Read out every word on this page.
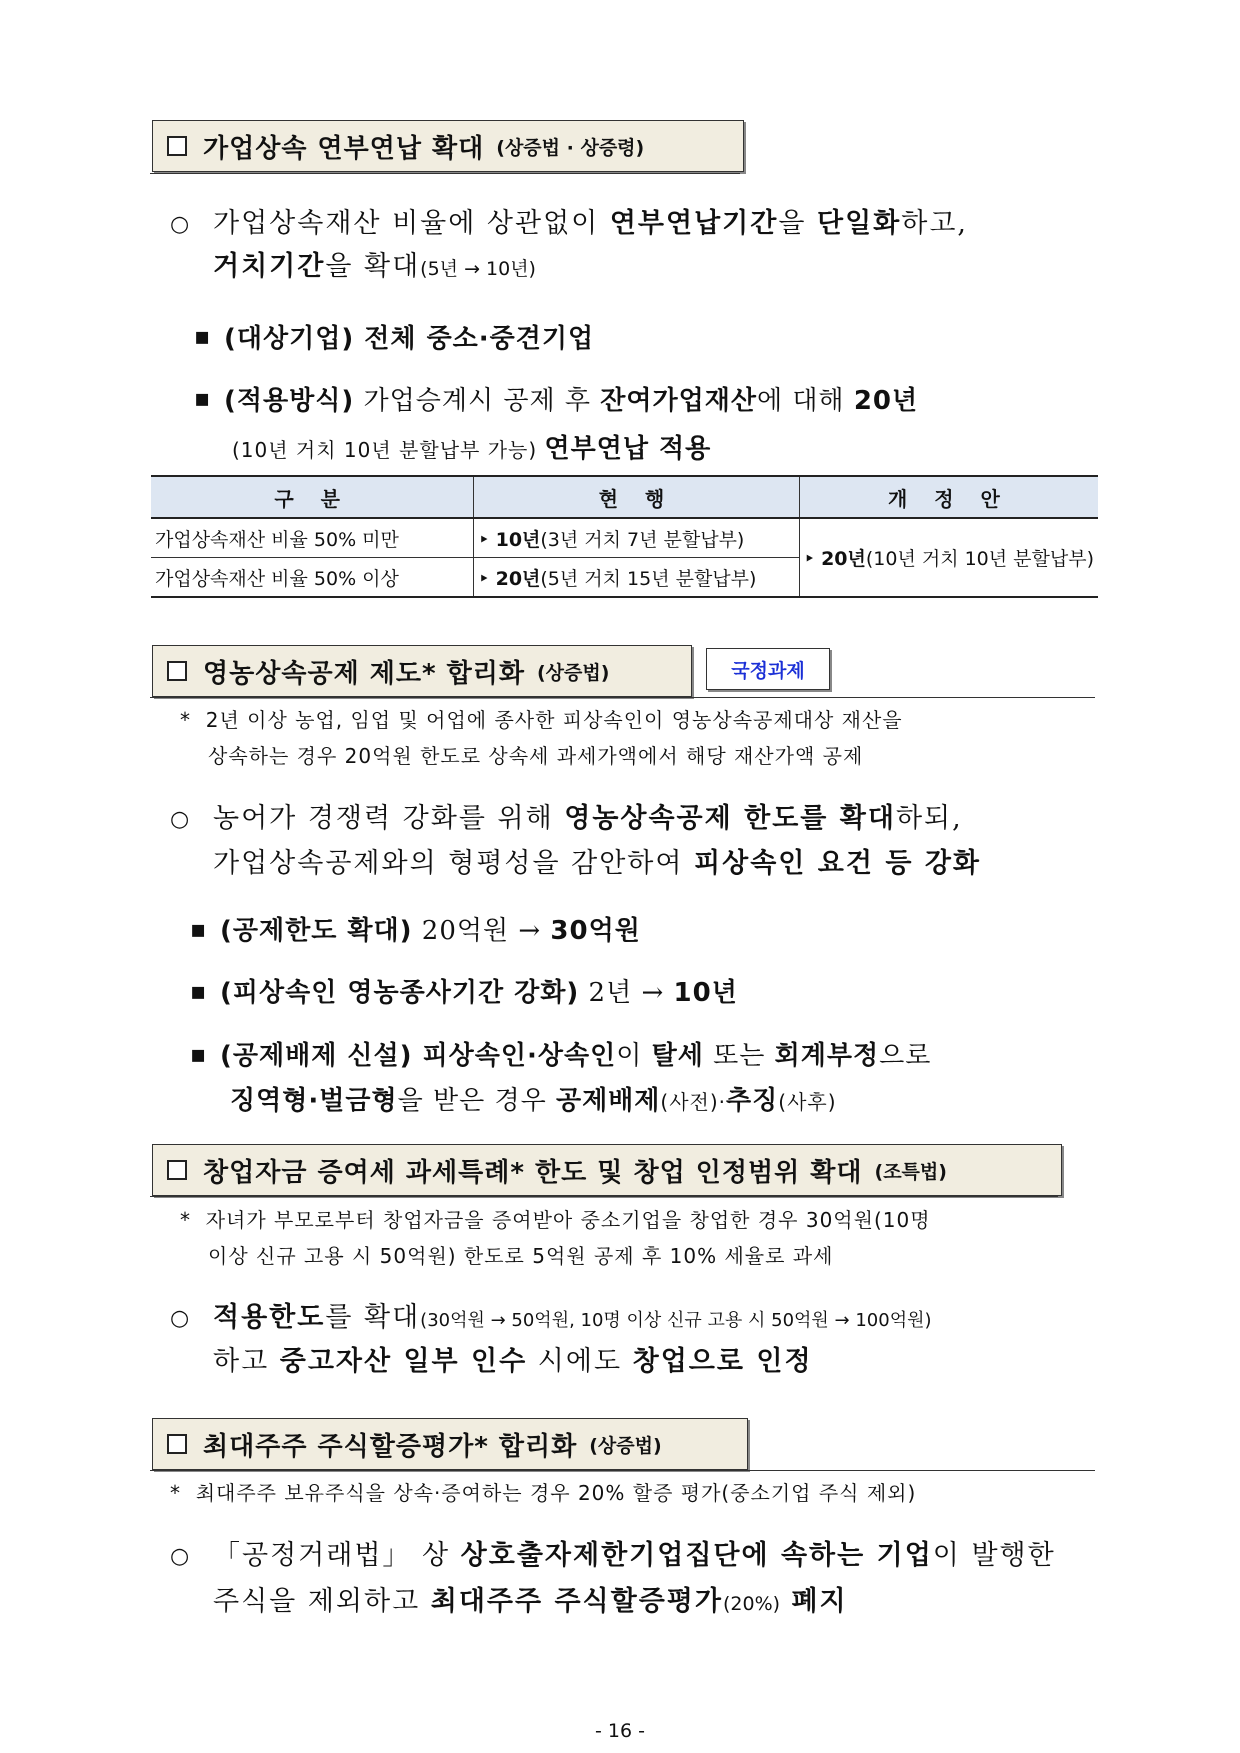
가업상속 연부연납 확대 (상증법 · 상증령)
○ 가업상속재산 비율에 상관없이 연부연납기간을 단일화하고,
거치기간을 확대(5년 → 10년)
▪ (대상기업) 전체 중소·중견기업
▪ (적용방식) 가업승계시 공제 후 잔여가업재산에 대해 20년
(10년 거치 10년 분할납부 가능) 연부연납 적용
구 분	현 행	개 정 안
가업상속재산 비율 50% 미만	‣ 10년(3년 거치 7년 분할납부)	‣ 20년(10년 거치 10년 분할납부)
가업상속재산 비율 50% 이상	‣ 20년(5년 거치 15년 분할납부)	
영농상속공제 제도* 합리화 (상증법)	국정과제
*  2년 이상 농업, 임업 및 어업에 종사한 피상속인이 영농상속공제대상 재산을
상속하는 경우 20억원 한도로 상속세 과세가액에서 해당 재산가액 공제
○ 농어가 경쟁력 강화를 위해 영농상속공제 한도를 확대하되,
가업상속공제와의 형평성을 감안하여 피상속인 요건 등 강화
▪ (공제한도 확대) 20억원 → 30억원
▪ (피상속인 영농종사기간 강화) 2년 → 10년
▪ (공제배제 신설) 피상속인·상속인이 탈세 또는 회계부정으로
징역형·벌금형을 받은 경우 공제배제(사전)·추징(사후)
창업자금 증여세 과세특례* 한도 및 창업 인정범위 확대 (조특법)
*  자녀가 부모로부터 창업자금을 증여받아 중소기업을 창업한 경우 30억원(10명
이상 신규 고용 시 50억원) 한도로 5억원 공제 후 10% 세율로 과세
○ 적용한도를 확대(30억원 → 50억원, 10명 이상 신규 고용 시 50억원 → 100억원)
하고 중고자산 일부 인수 시에도 창업으로 인정
최대주주 주식할증평가* 합리화 (상증법)
*  최대주주 보유주식을 상속·증여하는 경우 20% 할증 평가(중소기업 주식 제외)
○ 「공정거래법」 상 상호출자제한기업집단에 속하는 기업이 발행한
주식을 제외하고 최대주주 주식할증평가(20%) 폐지
- 16 -
